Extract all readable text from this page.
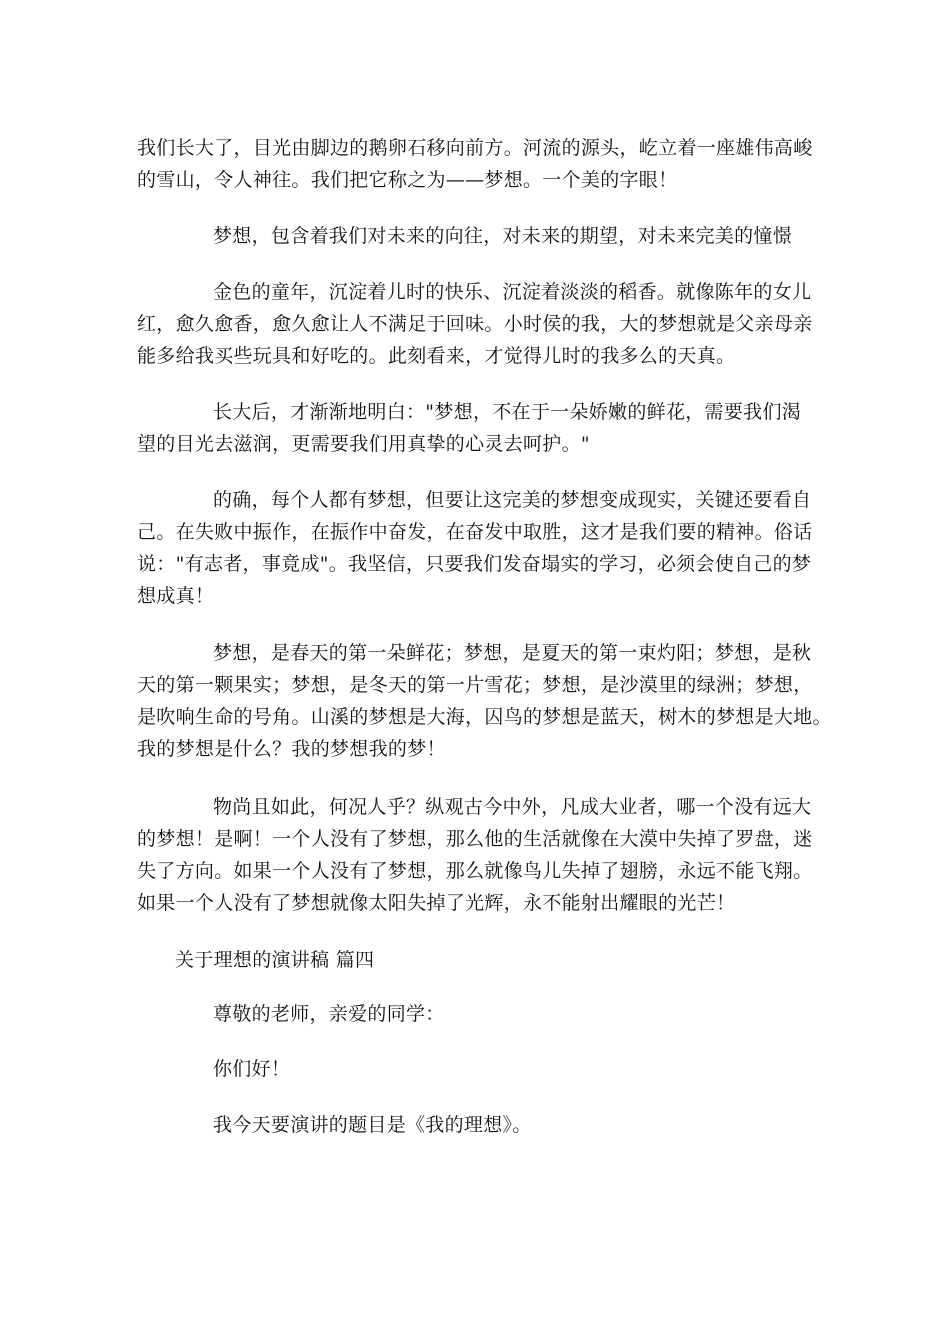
我们长大了，目光由脚边的鹅卵石移向前方。河流的源头，屹立着一座雄伟高峻
的雪山，令人神往。我们把它称之为——梦想。一个美的字眼！

梦想，包含着我们对未来的向往，对未来的期望，对未来完美的憧憬

金色的童年，沉淀着儿时的快乐、沉淀着淡淡的稻香。就像陈年的女儿
红，愈久愈香，愈久愈让人不满足于回味。小时侯的我，大的梦想就是父亲母亲
能多给我买些玩具和好吃的。此刻看来，才觉得儿时的我多么的天真。

长大后，才渐渐地明白："梦想，不在于一朵娇嫩的鲜花，需要我们渴
望的目光去滋润，更需要我们用真挚的心灵去呵护。"

的确，每个人都有梦想，但要让这完美的梦想变成现实，关键还要看自
己。在失败中振作，在振作中奋发，在奋发中取胜，这才是我们要的精神。俗话
说："有志者，事竟成"。我坚信，只要我们发奋塌实的学习，必须会使自己的梦
想成真！

梦想，是春天的第一朵鲜花；梦想，是夏天的第一束灼阳；梦想，是秋
天的第一颗果实；梦想，是冬天的第一片雪花；梦想，是沙漠里的绿洲；梦想，
是吹响生命的号角。山溪的梦想是大海，囚鸟的梦想是蓝天，树木的梦想是大地。
我的梦想是什么？我的梦想我的梦！

物尚且如此，何况人乎？纵观古今中外，凡成大业者，哪一个没有远大
的梦想！是啊！一个人没有了梦想，那么他的生活就像在大漠中失掉了罗盘，迷
失了方向。如果一个人没有了梦想，那么就像鸟儿失掉了翅膀，永远不能飞翔。
如果一个人没有了梦想就像太阳失掉了光辉，永不能射出耀眼的光芒！

关于理想的演讲稿 篇四

尊敬的老师，亲爱的同学：

你们好！

我今天要演讲的题目是《我的理想》。
